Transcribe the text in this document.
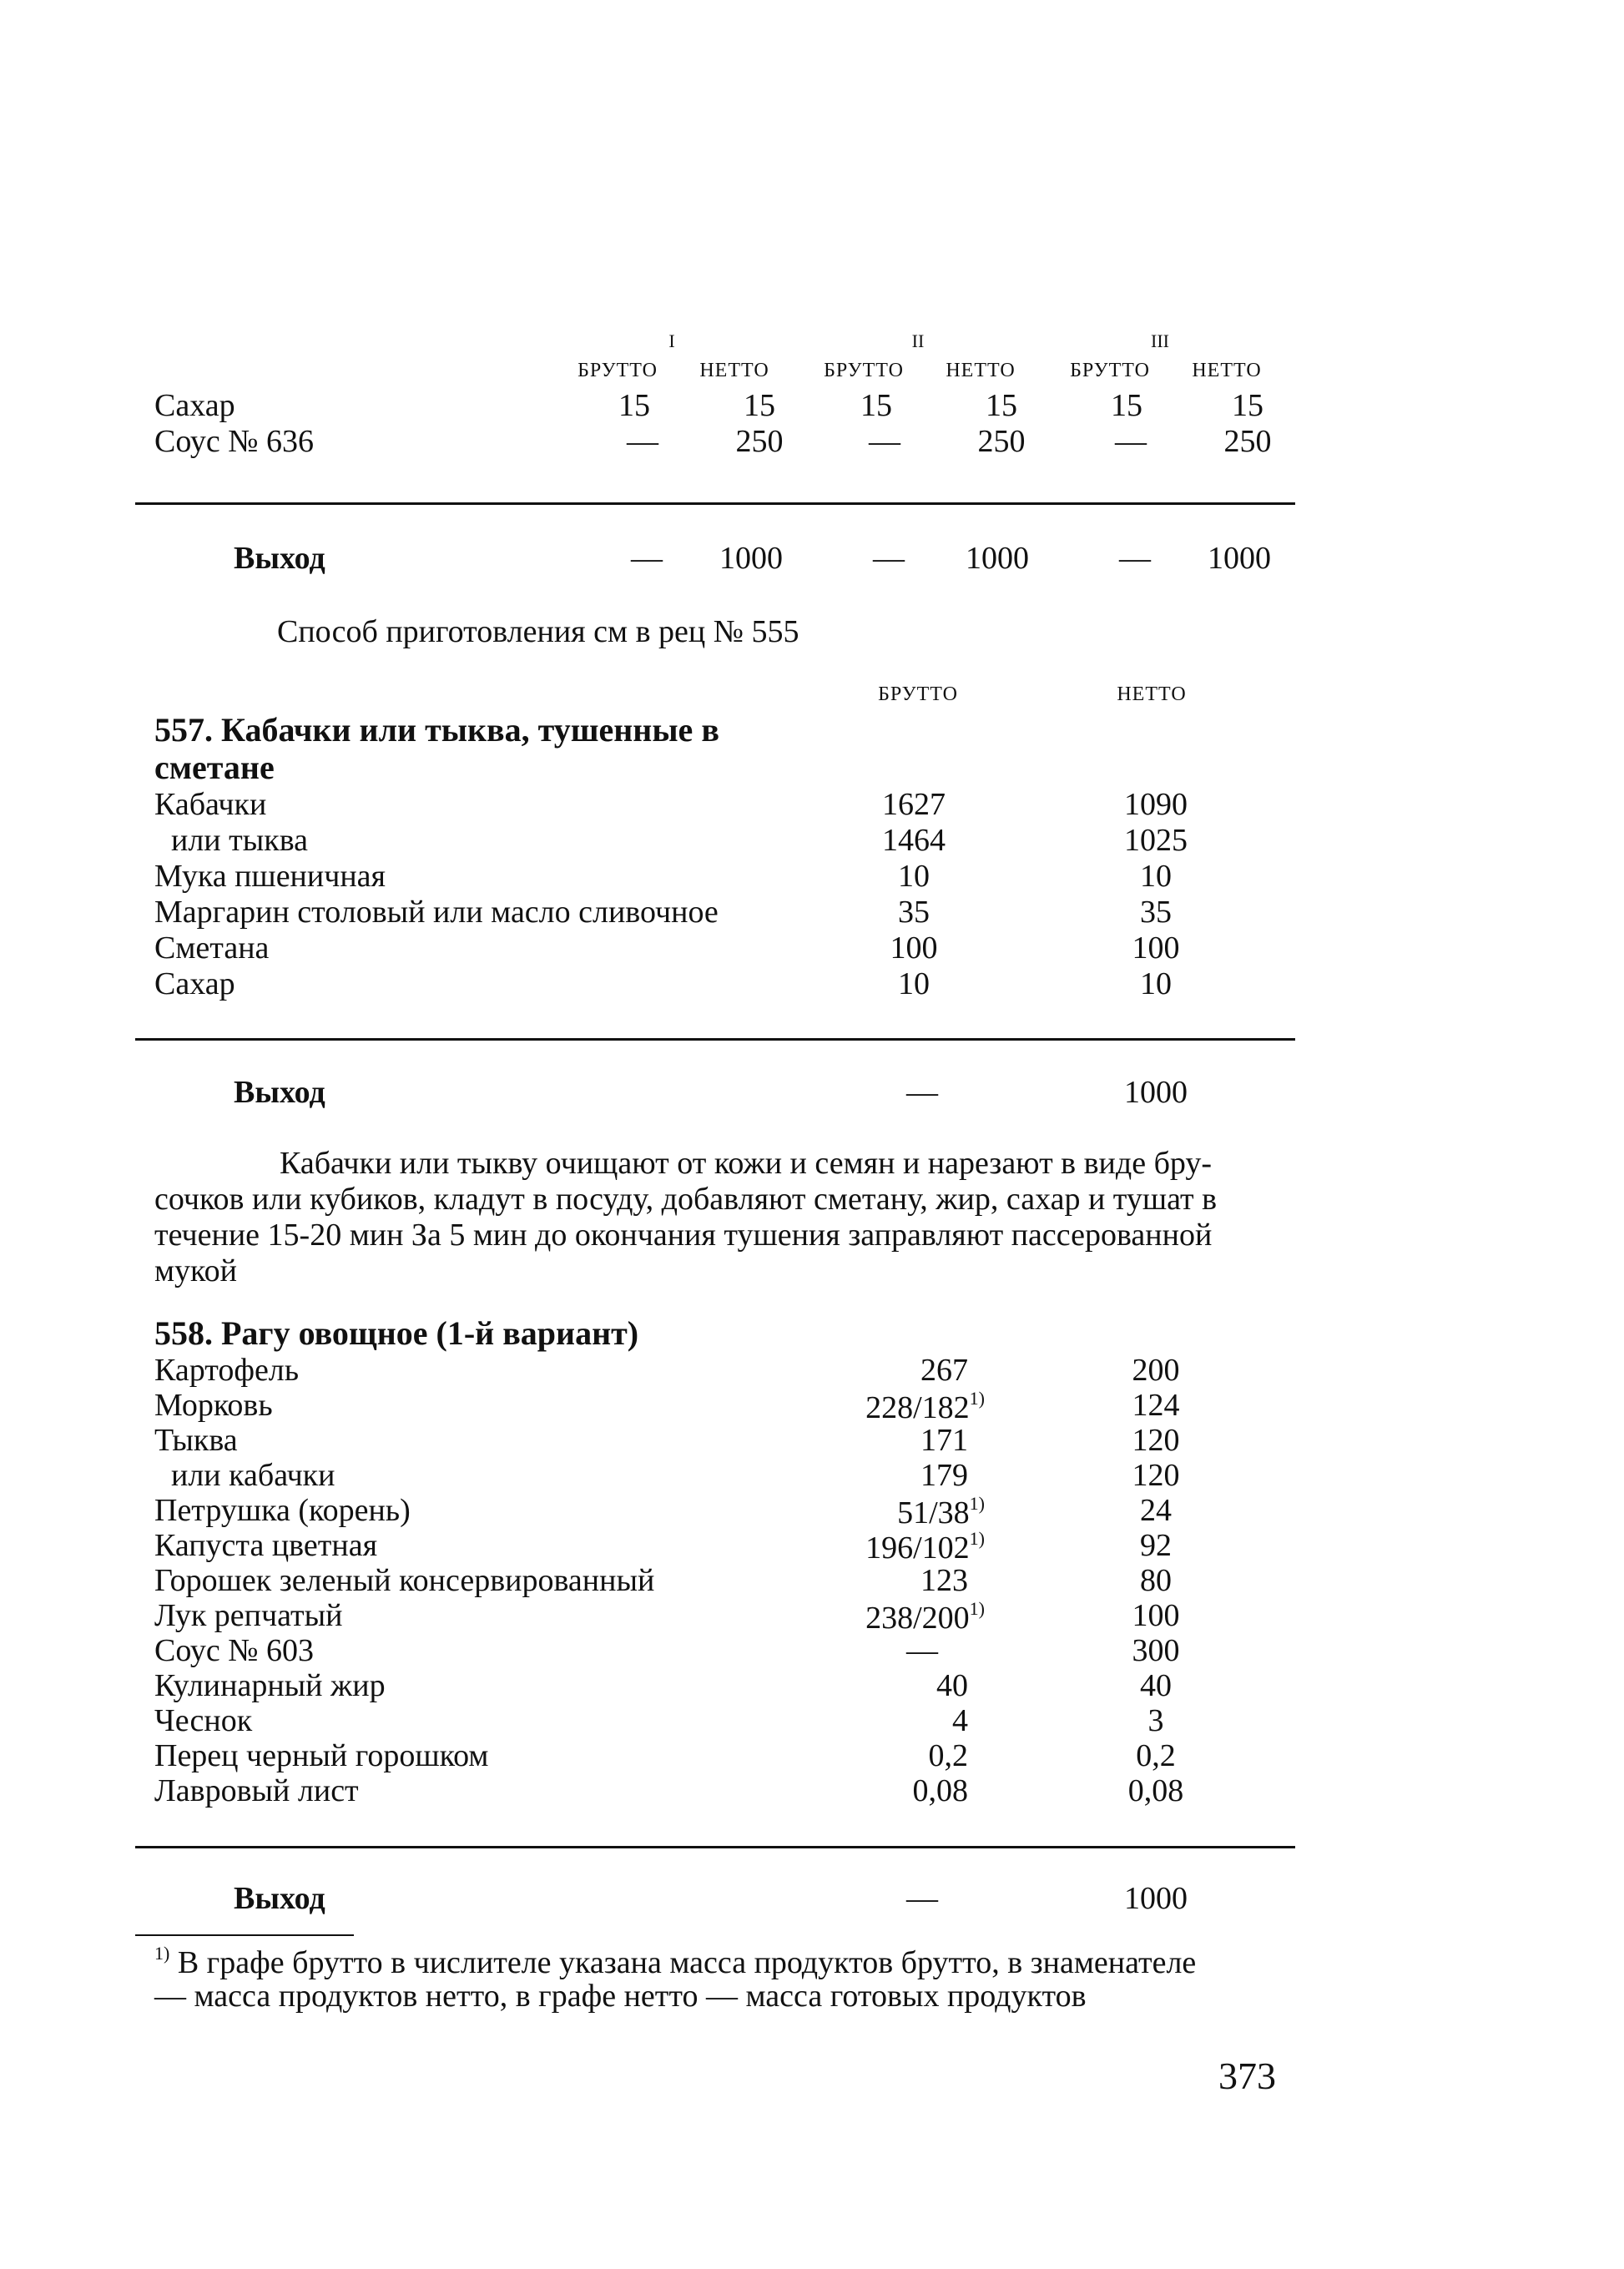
I	II	III
БРУТТО	НЕТТО	БРУТТО	НЕТТО	БРУТТО	НЕТТО
Сахар	15	15	15	15	15	15
Соус № 636	—	250	—	250	—	250
Выход	—	1000	—	1000	—	1000
Способ приготовления см в рец № 555
БРУТТО	НЕТТО
557. Кабачки или тыква, тушенные в
сметане
Кабачки	1627	1090
или тыква	1464	1025
Мука пшеничная	10	10
Маргарин столовый или масло сливочное	35	35
Сметана	100	100
Сахар	10	10
Выход	—	1000
Кабачки или тыкву очищают от кожи и семян и нарезают в виде бру-
сочков или кубиков, кладут в посуду, добавляют сметану, жир, сахар и тушат в
течение 15-20 мин За 5 мин до окончания тушения заправляют пассерованной
мукой
558. Рагу овощное (1-й вариант)
Картофель	267	200
Морковь	228/182$^{1)}$	124
Тыква	171	120
или кабачки	179	120
Петрушка (корень)	51/38$^{1)}$	24
Капуста цветная	196/102$^{1)}$	92
Горошек зеленый консервированный	123	80
Лук репчатый	238/200$^{1)}$	100
Соус № 603	—	300
Кулинарный жир	40	40
Чеснок	4	3
Перец черный горошком	0,2	0,2
Лавровый лист	0,08	0,08
Выход	—	1000
$^{1)}$ В графе брутто в числителе указана масса продуктов брутто, в знаменателе
— масса продуктов нетто, в графе нетто — масса готовых продуктов
373
